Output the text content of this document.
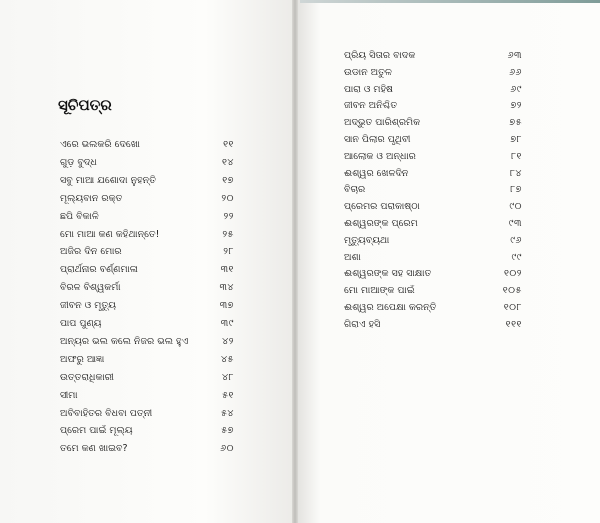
ସୂଚିପତ୍ର
ଏରେ ଭଲକରି ଦେଖୋ	୧୧
ଗୁଡ଼ ବୁଦ୍ଧ	୧୪
ସବୁ ମାଆ ଯଶୋଦା ନୁହନ୍ତି	୧୭
ମୂଲ୍ୟବାନ ରକ୍ତ	୨୦
ଛପି ବିକାଳି	୨୨
ମୋ ମାଆ କଣ କହିଥାନ୍ତେ!	୨୫
ଅଜିର ଦିନ ମୋର	୨୮
ପ୍ରାର୍ଥନାର ବର୍ଣ୍ଣମାଳା	୩୧
ବିରଳ ବିଶ୍ୱକର୍ମା	୩୪
ଜୀବନ ଓ ମୃତ୍ୟୁ	୩୭
ପାପ ପୁଣ୍ୟ	୩୯
ଅନ୍ୟର ଭଲ କଲେ ନିଜର ଭଲ ହୁଏ	୪୨
ଅଫରୁ ଆଜ୍ଞା	୪୫
ଉତ୍ତରାଧିକାରୀ	୪୮
ସୀମା	୫୧
ଅବିବାହିତର ବିଧବା ପତ୍ନୀ	୫୪
ପ୍ରେମ ପାଇଁ ମୂଲ୍ୟ	୫୭
ତମେ କଣ ଖାଇବ?	୬୦
ପ୍ରିୟ ସିତାର ବାଦକ	୬୩
ଉଡାନ ଅତୁଳ	୬୬
ପାରା ଓ ମହିଷ	୬୯
ଜୀବନ ଅନିଶ୍ଚିତ	୭୨
ଅଦ୍ଭୁତ ପାରିଶ୍ରମିକ	୭୫
ସାନ ପିଲାର ପୃଥିବୀ	୭୮
ଆଲୋକ ଓ ଅନ୍ଧାର	୮୧
ଈଶ୍ୱର ଖେଳଦିନ	୮୪
ବିଚାର	୮୭
ପ୍ରେମର ପରାକାଷ୍ଠା	୯୦
ଈଶ୍ୱରଙ୍କ ପ୍ରେମ	୯୩
ମୃତ୍ୟୁବ୍ୟଥା	୯୬
ଅଶା	୯୯
ଈଶ୍ୱରଙ୍କ ସହ ସାକ୍ଷାତ	୧୦୨
ମୋ ମାଆଙ୍କ ପାଇଁ	୧୦୫
ଈଶ୍ୱର ଅପେକ୍ଷା କରନ୍ତି	୧୦୮
ଗିରାଏ ହସି	୧୧୧
